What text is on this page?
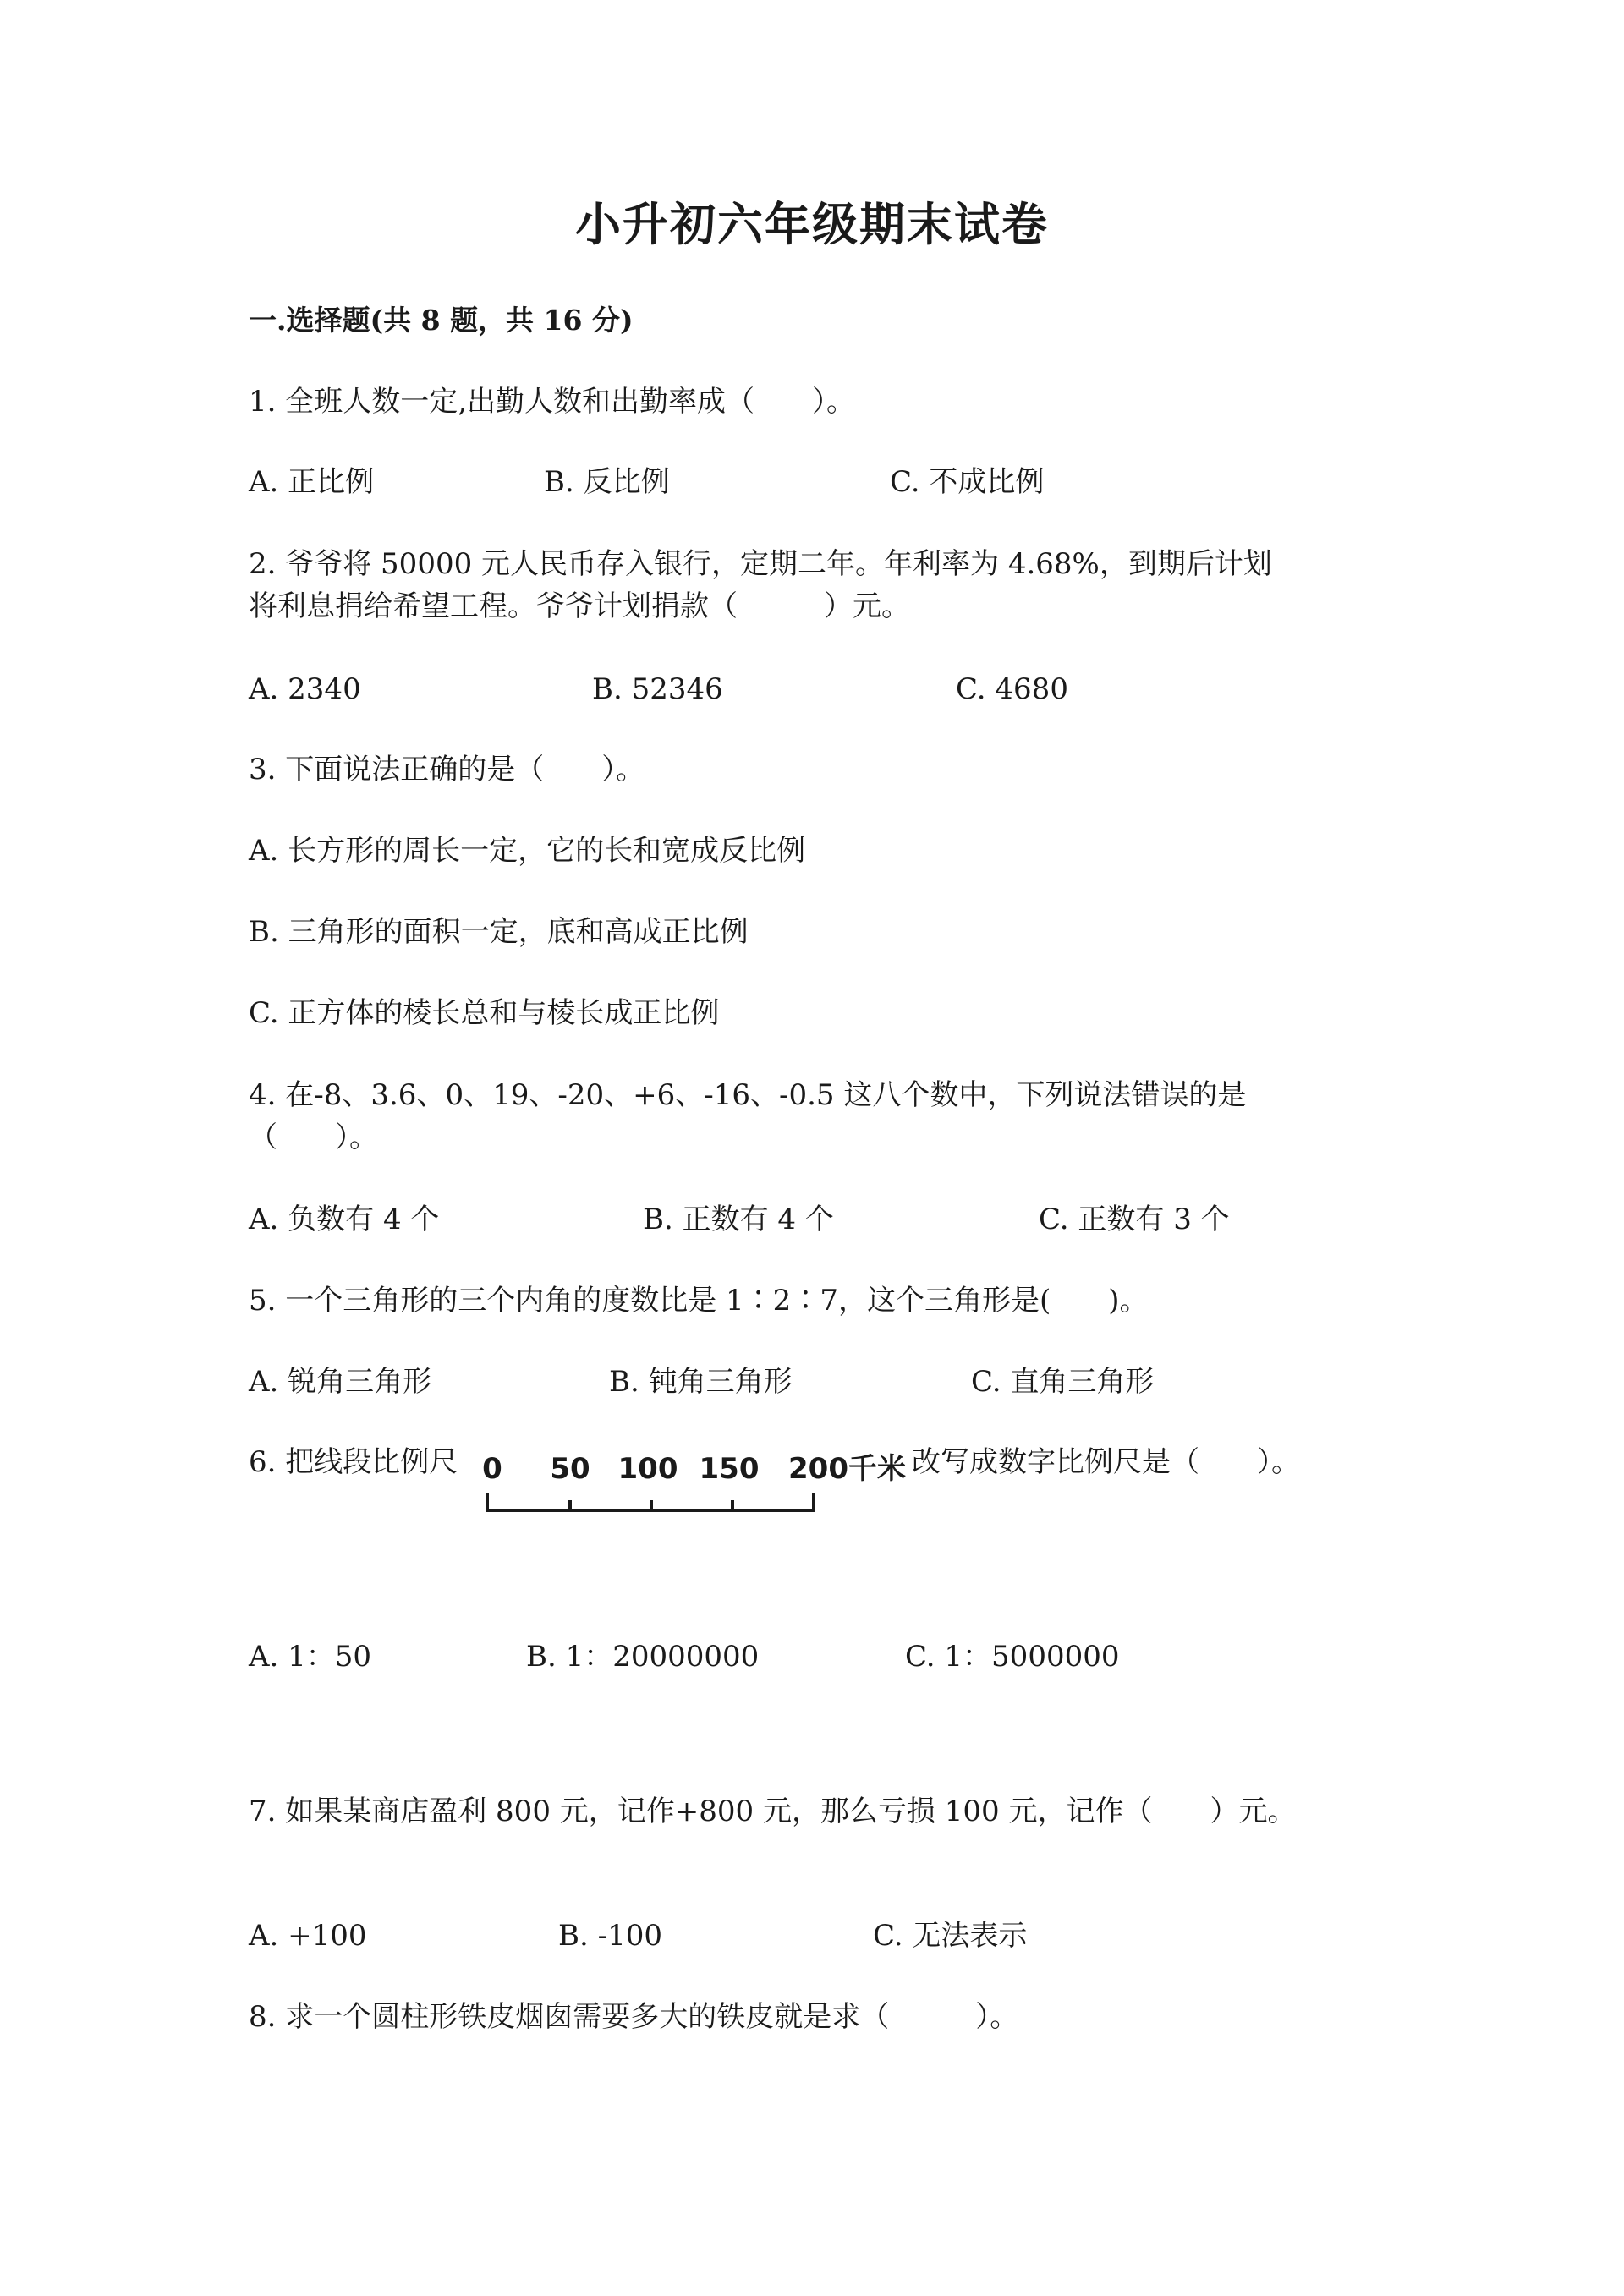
小升初六年级期末试卷
一.选择题(共 8 题，共 16 分)
1. 全班人数一定,出勤人数和出勤率成（　　）。
A. 正比例	B. 反比例	C. 不成比例
2. 爷爷将 50000 元人民币存入银行，定期二年。年利率为 4.68%，到期后计划
将利息捐给希望工程。爷爷计划捐款（　　　）元。
A. 2340	B. 52346	C. 4680
3. 下面说法正确的是（　　）。
A. 长方形的周长一定，它的长和宽成反比例
B. 三角形的面积一定，底和高成正比例
C. 正方体的棱长总和与棱长成正比例
4. 在-8、3.6、0、19、-20、+6、-16、-0.5 这八个数中，下列说法错误的是
（　　）。
A. 负数有 4 个	B. 正数有 4 个	C. 正数有 3 个
5. 一个三角形的三个内角的度数比是 1∶2∶7，这个三角形是(　　)。
A. 锐角三角形	B. 钝角三角形	C. 直角三角形
6. 把线段比例尺 0 50 100 150 200千米 改写成数字比例尺是（　　）。
A. 1：50	B. 1：20000000	C. 1：5000000
7. 如果某商店盈利 800 元，记作+800 元，那么亏损 100 元，记作（　　）元。
A. +100	B. -100	C. 无法表示
8. 求一个圆柱形铁皮烟囱需要多大的铁皮就是求（　　　）。
